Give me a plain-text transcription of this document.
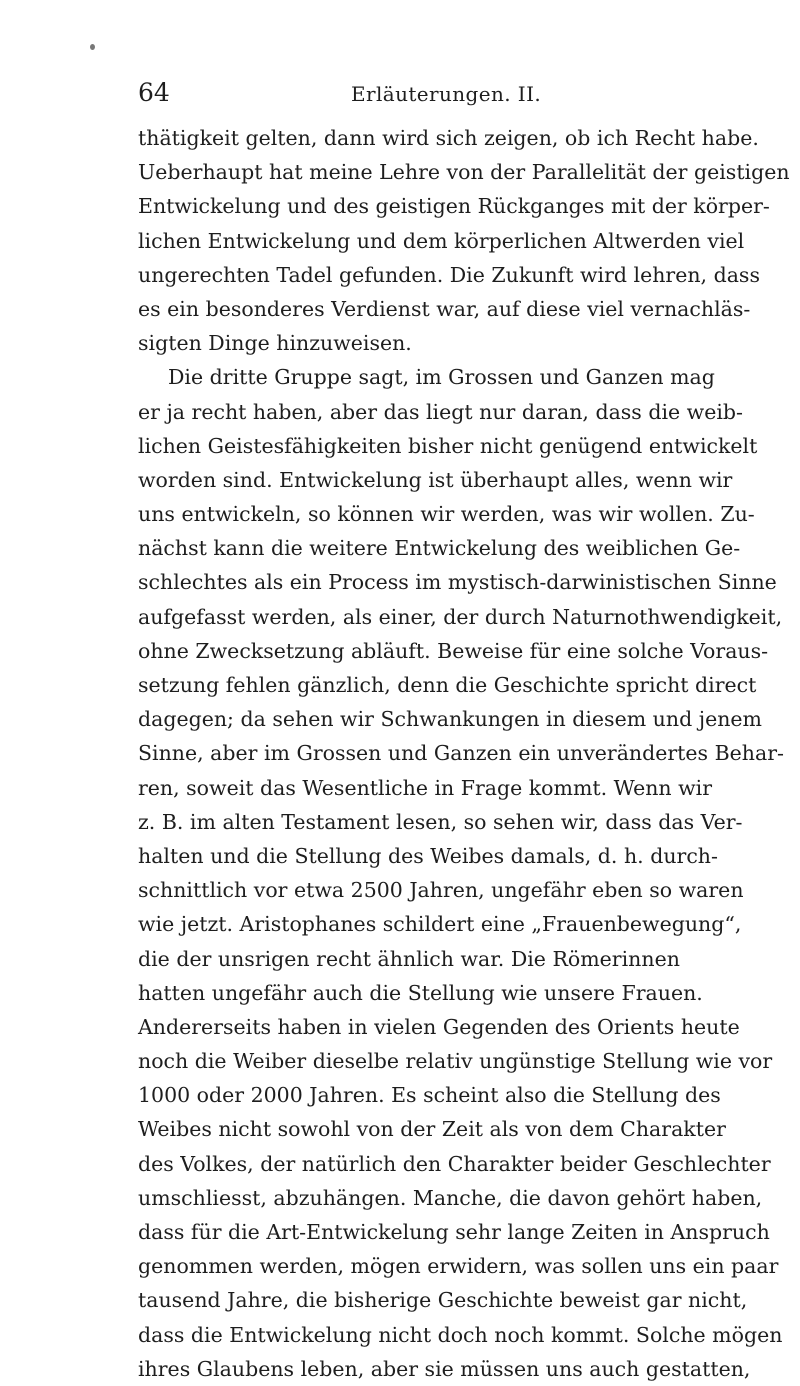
64	Erläuterungen. II.
thätigkeit gelten, dann wird sich zeigen, ob ich Recht habe.
Ueberhaupt hat meine Lehre von der Parallelität der geistigen
Entwickelung und des geistigen Rückganges mit der körper-
lichen Entwickelung und dem körperlichen Altwerden viel
ungerechten Tadel gefunden. Die Zukunft wird lehren, dass
es ein besonderes Verdienst war, auf diese viel vernachläs-
sigten Dinge hinzuweisen.
Die dritte Gruppe sagt, im Grossen und Ganzen mag
er ja recht haben, aber das liegt nur daran, dass die weib-
lichen Geistesfähigkeiten bisher nicht genügend entwickelt
worden sind. Entwickelung ist überhaupt alles, wenn wir
uns entwickeln, so können wir werden, was wir wollen. Zu-
nächst kann die weitere Entwickelung des weiblichen Ge-
schlechtes als ein Process im mystisch-darwinistischen Sinne
aufgefasst werden, als einer, der durch Naturnothwendigkeit,
ohne Zwecksetzung abläuft. Beweise für eine solche Voraus-
setzung fehlen gänzlich, denn die Geschichte spricht direct
dagegen; da sehen wir Schwankungen in diesem und jenem
Sinne, aber im Grossen und Ganzen ein unverändertes Behar-
ren, soweit das Wesentliche in Frage kommt. Wenn wir
z. B. im alten Testament lesen, so sehen wir, dass das Ver-
halten und die Stellung des Weibes damals, d. h. durch-
schnittlich vor etwa 2500 Jahren, ungefähr eben so waren
wie jetzt. Aristophanes schildert eine „Frauenbewegung“,
die der unsrigen recht ähnlich war. Die Römerinnen
hatten ungefähr auch die Stellung wie unsere Frauen.
Andererseits haben in vielen Gegenden des Orients heute
noch die Weiber dieselbe relativ ungünstige Stellung wie vor
1000 oder 2000 Jahren. Es scheint also die Stellung des
Weibes nicht sowohl von der Zeit als von dem Charakter
des Volkes, der natürlich den Charakter beider Geschlechter
umschliesst, abzuhängen. Manche, die davon gehört haben,
dass für die Art-Entwickelung sehr lange Zeiten in Anspruch
genommen werden, mögen erwidern, was sollen uns ein paar
tausend Jahre, die bisherige Geschichte beweist gar nicht,
dass die Entwickelung nicht doch noch kommt. Solche mögen
ihres Glaubens leben, aber sie müssen uns auch gestatten,
